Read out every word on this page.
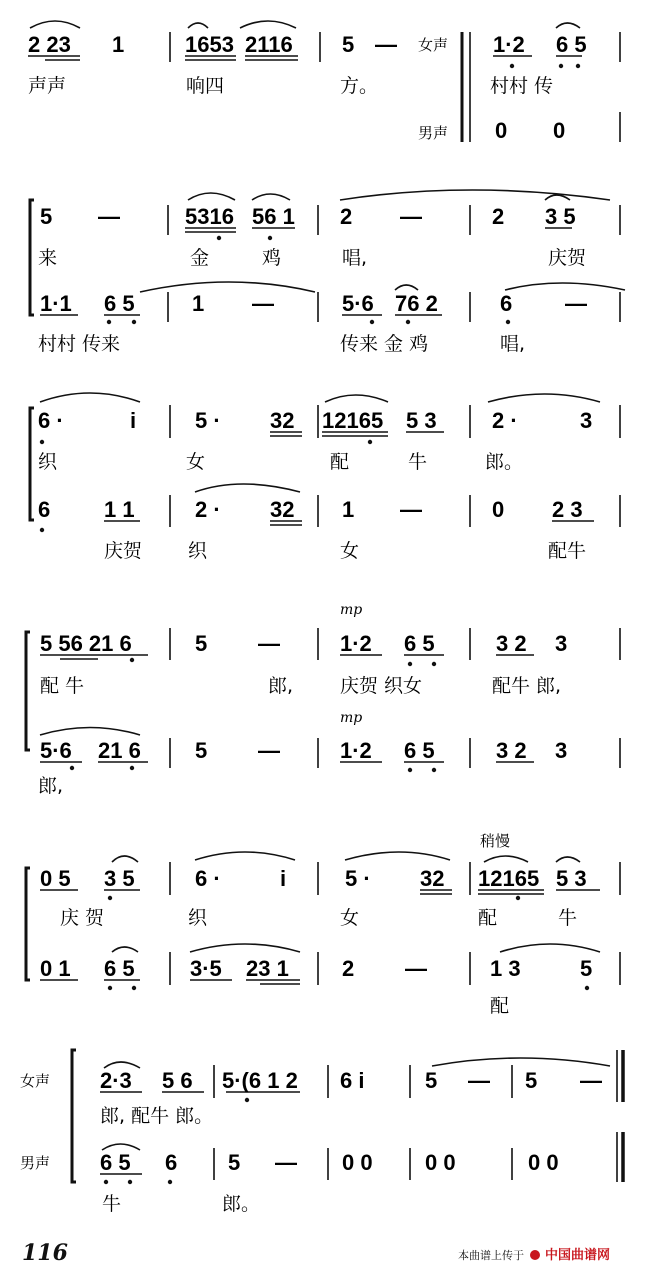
2 23 1	1653 2116 5 — 女声 1·2 6 5
声声	响四	方。	村村 传
男声 0 0
5 —	5316 56 1 2 —	2 3 5
来	金	鸡	唱,	庆贺
1·1 6 5	1 —	5·6 76 2	6 —
村村 传来	传来 金 鸡	唱,
6 ·	i	5 · 32 12165 5 3	2 ·	3
织	女	配	牛	郎。
6 1 1	2 · 32 1 —	0 2 3
庆贺 织	女	配牛
mp
5 56 21 6	5 —	1·2 6 5	3 2 3
配 牛	郎, 庆贺 织女	配牛 郎,
mp
5·6 21 6 5 —	1·2 6 5	3 2 3
郎,
稍慢
0 5 3 5	6 ·	i	5 · 32 12165 5 3
庆 贺	织	女	配	牛
0 1 6 5	3·5 23 1 2 —	1 3	5
配
女声
男声
2·3 5 6 5·(6 1 2 6 i	5 — 5 —
郎, 配牛 郎。
6 5 6 5 — 0 0 0 0	0 0
牛	郎。
116	本曲谱上传于 中国曲谱网
